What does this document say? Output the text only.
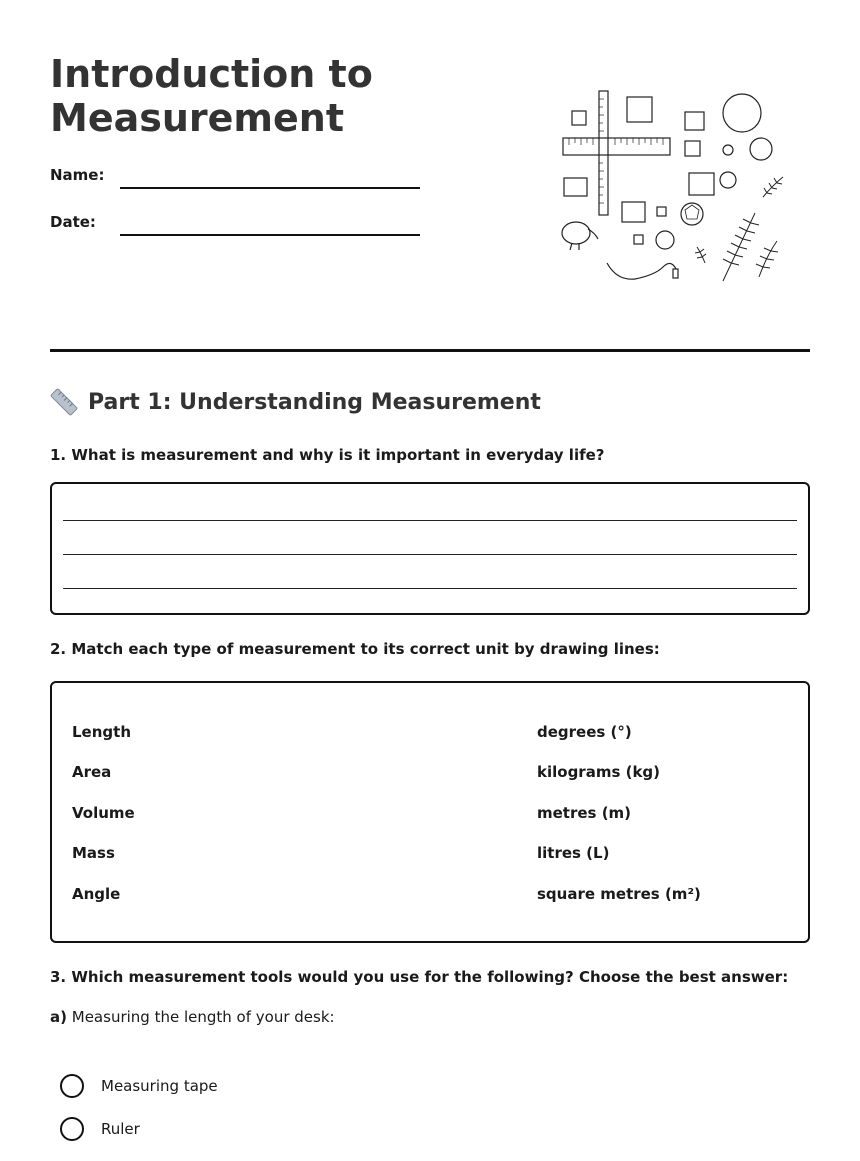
Introduction to Measurement
Name:
Date:
Part 1: Understanding Measurement
1. What is measurement and why is it important in everyday life?
2. Match each type of measurement to its correct unit by drawing lines:
Length
Area
Volume
Mass
Angle
degrees (°)
kilograms (kg)
metres (m)
litres (L)
square metres (m²)
3. Which measurement tools would you use for the following? Choose the best answer:
a) Measuring the length of your desk:
Measuring tape
Ruler
